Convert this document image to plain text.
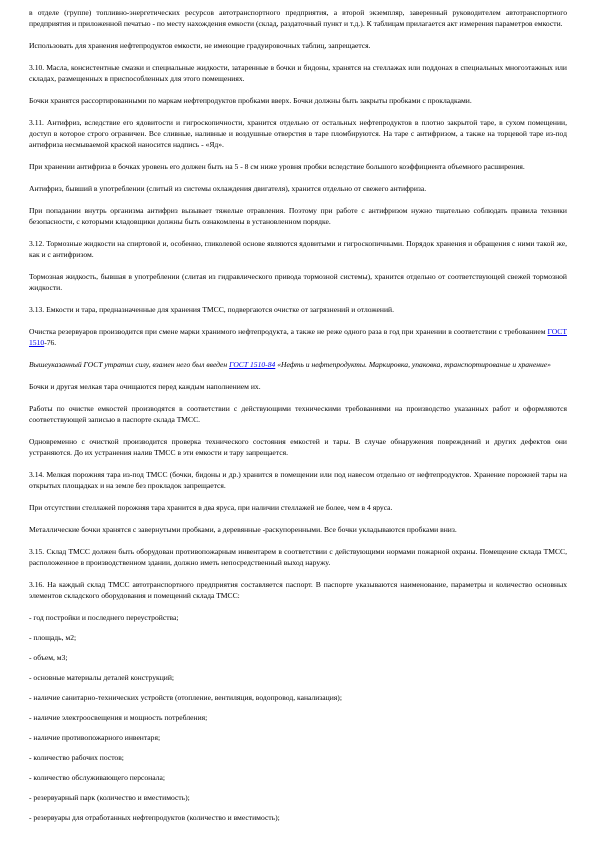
в отделе (группе) топливно-энергетических ресурсов автотранспортного предприятия, а второй экземпляр, заверенный руководителем автотранспортного предприятия и приложенной печатью - по месту нахождения емкости (склад, раздаточный пункт и т.д.). К таблицам прилагается акт измерения параметров емкости.

Использовать для хранения нефтепродуктов емкости, не имеющие градуировочных таблиц, запрещается.

3.10. Масла, консистентные смазки и специальные жидкости, затаренные в бочки и бидоны, хранятся на стеллажах или поддонах в специальных многоэтажных или складах, размещенных в приспособленных для этого помещениях.

Бочки хранятся рассортированными по маркам нефтепродуктов пробками вверх. Бочки должны быть закрыты пробками с прокладками.

3.11. Антифриз, вследствие его ядовитости и гигроскопичности, хранится отдельно от остальных нефтепродуктов в плотно закрытой таре, в сухом помещении, доступ в которое строго ограничен. Все сливные, наливные и воздушные отверстия в таре пломбируются. На таре с антифризом, а также на торцевой таре из-под антифриза несмываемой краской наносится надпись - «Яд».

При хранении антифриза в бочках уровень его должен быть на 5 - 8 см ниже уровня пробки вследствие большого коэффициента объемного расширения.

Антифриз, бывший в употреблении (слитый из системы охлаждения двигателя), хранится отдельно от свежего антифриза.

При попадании внутрь организма антифриз вызывает тяжелые отравления. Поэтому при работе с антифризом нужно тщательно соблюдать правила техники безопасности, с которыми кладовщики должны быть ознакомлены в установленном порядке.

3.12. Тормозные жидкости на спиртовой и, особенно, гликолевой основе являются ядовитыми и гигроскопичными. Порядок хранения и обращения с ними такой же, как и с антифризом.

Тормозная жидкость, бывшая в употреблении (слитая из гидравлического привода тормозной системы), хранится отдельно от соответствующей свежей тормозной жидкости.

3.13. Емкости и тара, предназначенные для хранения ТМСС, подвергаются очистке от загрязнений и отложений.

Очистка резервуаров производится при смене марки хранимого нефтепродукта, а также не реже одного раза в год при хранении в соответствии с требованием ГОСТ 1510-76.

Вышеуказанный ГОСТ утратил силу, взамен него был введен ГОСТ 1510-84 «Нефть и нефтепродукты. Маркировка, упаковка, транспортирование и хранение»

Бочки и другая мелкая тара очищаются перед каждым наполнением их.

Работы по очистке емкостей производятся в соответствии с действующими техническими требованиями на производство указанных работ и оформляются соответствующей записью в паспорте склада ТМСС.

Одновременно с очисткой производится проверка технического состояния емкостей и тары. В случае обнаружения повреждений и других дефектов они устраняются. До их устранения налив ТМСС в эти емкости и тару запрещается.

3.14. Мелкая порожняя тара из-под ТМСС (бочки, бидоны и др.) хранится в помещении или под навесом отдельно от нефтепродуктов. Хранение порожней тары на открытых площадках и на земле без прокладок запрещается.

При отсутствии стеллажей порожняя тара хранится в два яруса, при наличии стеллажей не более, чем в 4 яруса.

Металлические бочки хранятся с завернутыми пробками, а деревянные -раскупоренными. Все бочки укладываются пробками вниз.

3.15. Склад ТМСС должен быть оборудован противопожарным инвентарем в соответствии с действующими нормами пожарной охраны. Помещение склада ТМСС, расположенное в производственном здании, должно иметь непосредственный выход наружу.

3.16. На каждый склад ТМСС автотранспортного предприятия составляется паспорт. В паспорте указываются наименование, параметры и количество основных элементов складского оборудования и помещений склада ТМСС:

- год постройки и последнего переустройства;

- площадь, м2;

- объем, м3;

- основные материалы деталей конструкций;

- наличие санитарно-технических устройств (отопление, вентиляция, водопровод, канализация);

- наличие электроосвещения и мощность потребления;

- наличие противопожарного инвентаря;

- количество рабочих постов;

- количество обслуживающего персонала;

- резервуарный парк (количество и вместимость);

- резервуары для отработанных нефтепродуктов (количество и вместимость);
